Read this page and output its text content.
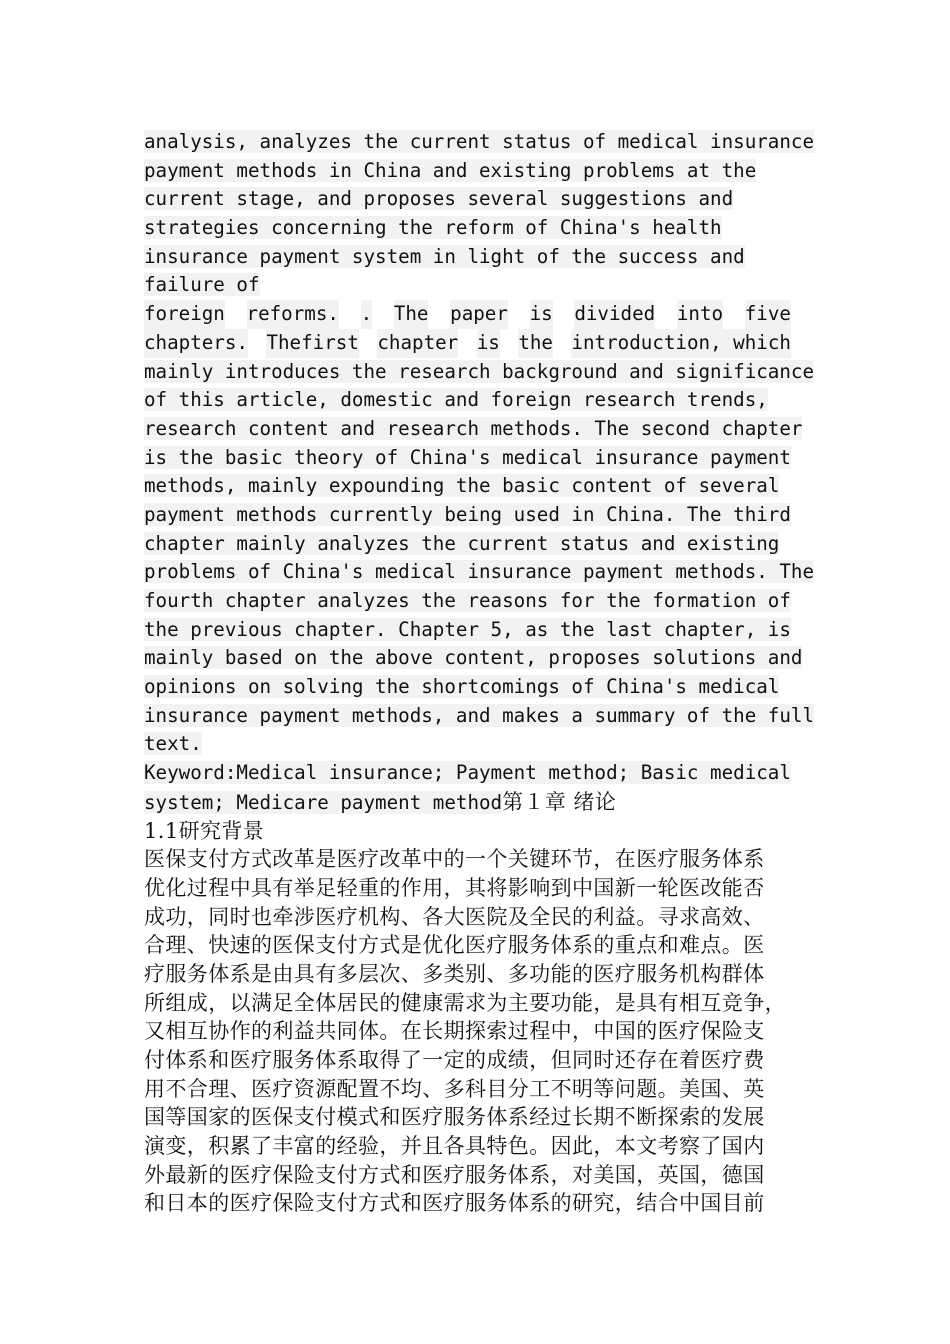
analysis, analyzes the current status of medical insurance
payment methods in China and existing problems at the
current stage, and proposes several suggestions and
strategies concerning the reform of China's health
insurance payment system in light of the success and
failure of
foreign reforms. . The paper is divided into five
chapters. Thefirst chapter is the introduction, which
mainly introduces the research background and significance
of this article, domestic and foreign research trends,
research content and research methods. The second chapter
is the basic theory of China's medical insurance payment
methods, mainly expounding the basic content of several
payment methods currently being used in China. The third
chapter mainly analyzes the current status and existing
problems of China's medical insurance payment methods. The
fourth chapter analyzes the reasons for the formation of
the previous chapter. Chapter 5, as the last chapter, is
mainly based on the above content, proposes solutions and
opinions on solving the shortcomings of China's medical
insurance payment methods, and makes a summary of the full
text.
Keyword:Medical insurance; Payment method; Basic medical
system; Medicare payment method第１章 绪论
1.1研究背景
医保支付方式改革是医疗改革中的一个关键环节，在医疗服务体系
优化过程中具有举足轻重的作用，其将影响到中国新一轮医改能否
成功，同时也牵涉医疗机构、各大医院及全民的利益。寻求高效、
合理、快速的医保支付方式是优化医疗服务体系的重点和难点。医
疗服务体系是由具有多层次、多类别、多功能的医疗服务机构群体
所组成，以满足全体居民的健康需求为主要功能，是具有相互竞争，
又相互协作的利益共同体。在长期探索过程中，中国的医疗保险支
付体系和医疗服务体系取得了一定的成绩，但同时还存在着医疗费
用不合理、医疗资源配置不均、多科目分工不明等问题。美国、英
国等国家的医保支付模式和医疗服务体系经过长期不断探索的发展
演变，积累了丰富的经验，并且各具特色。因此，本文考察了国内
外最新的医疗保险支付方式和医疗服务体系，对美国，英国，德国
和日本的医疗保险支付方式和医疗服务体系的研究，结合中国目前
